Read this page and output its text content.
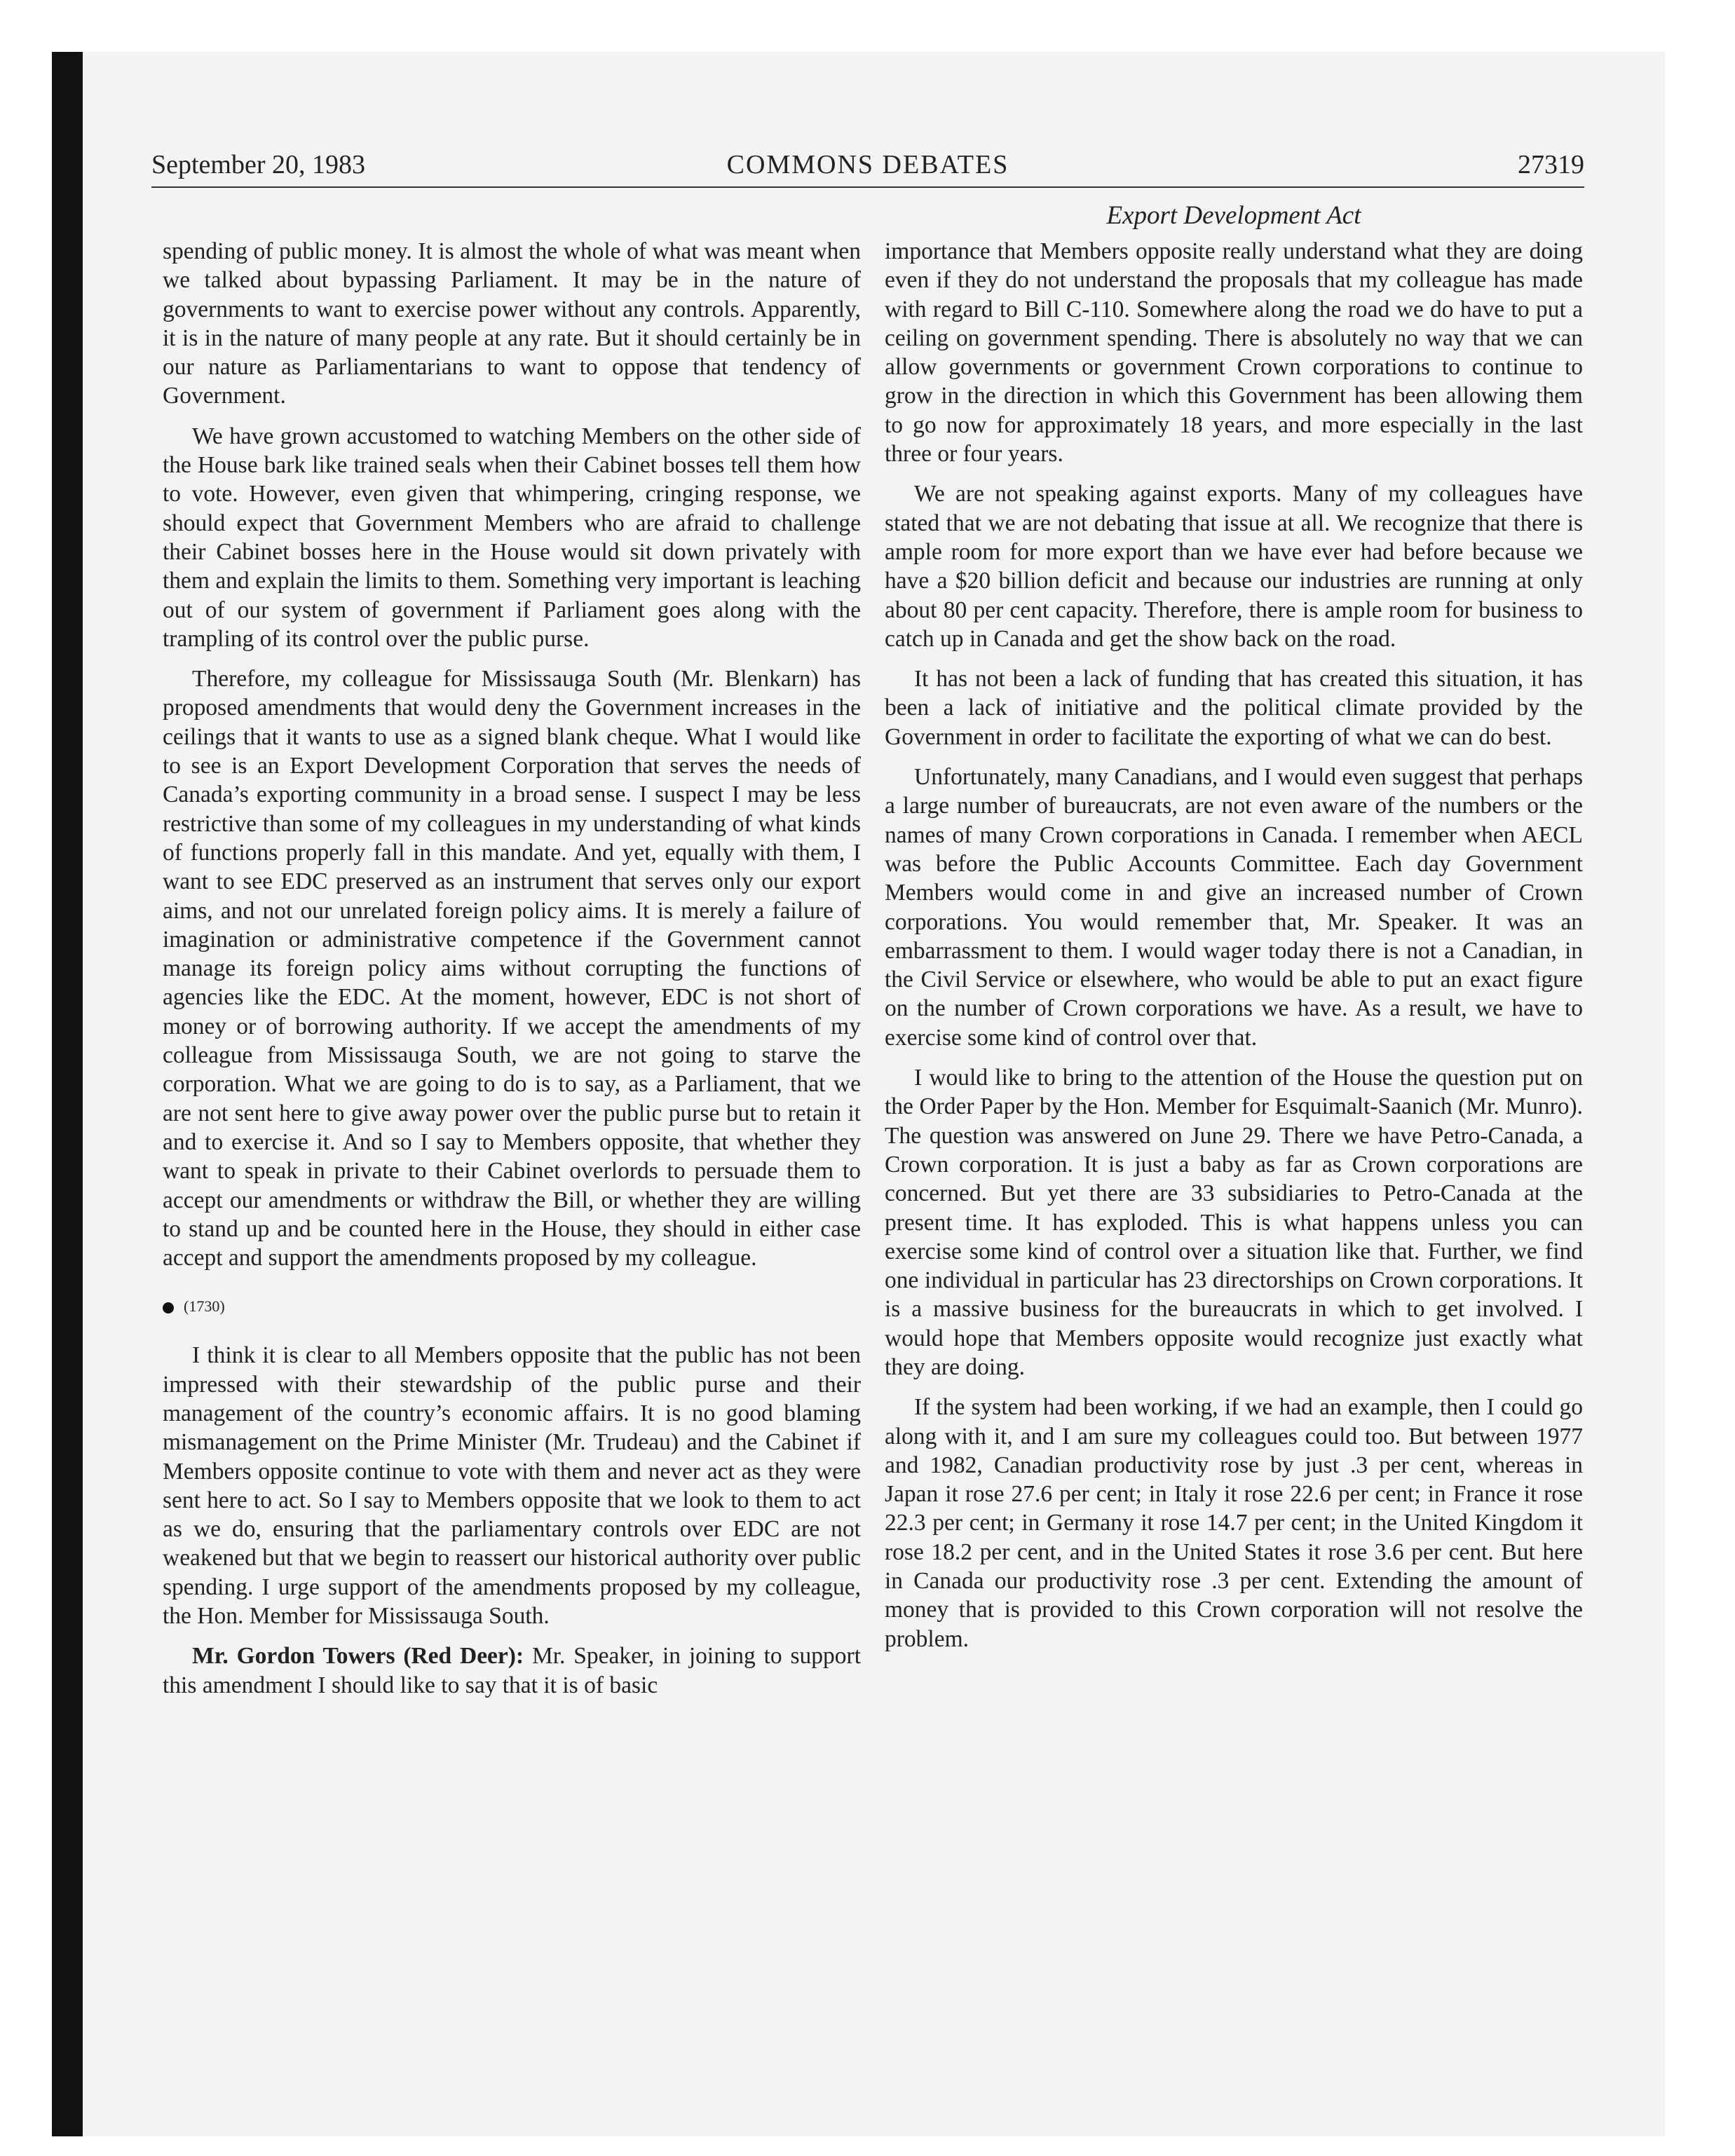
September 20, 1983	COMMONS DEBATES	27319
Export Development Act

spending of public money. It is almost the whole of what was meant when we talked about bypassing Parliament. It may be in the nature of governments to want to exercise power without any controls. Apparently, it is in the nature of many people at any rate. But it should certainly be in our nature as Parliamentarians to want to oppose that tendency of Government.

We have grown accustomed to watching Members on the other side of the House bark like trained seals when their Cabinet bosses tell them how to vote. However, even given that whimpering, cringing response, we should expect that Government Members who are afraid to challenge their Cabinet bosses here in the House would sit down privately with them and explain the limits to them. Something very important is leaching out of our system of government if Parliament goes along with the trampling of its control over the public purse.

Therefore, my colleague for Mississauga South (Mr. Blenkarn) has proposed amendments that would deny the Government increases in the ceilings that it wants to use as a signed blank cheque. What I would like to see is an Export Development Corporation that serves the needs of Canada’s exporting community in a broad sense. I suspect I may be less restrictive than some of my colleagues in my understanding of what kinds of functions properly fall in this mandate. And yet, equally with them, I want to see EDC preserved as an instrument that serves only our export aims, and not our unrelated foreign policy aims. It is merely a failure of imagination or administrative competence if the Government cannot manage its foreign policy aims without corrupting the functions of agencies like the EDC. At the moment, however, EDC is not short of money or of borrowing authority. If we accept the amendments of my colleague from Mississauga South, we are not going to starve the corporation. What we are going to do is to say, as a Parliament, that we are not sent here to give away power over the public purse but to retain it and to exercise it. And so I say to Members opposite, that whether they want to speak in private to their Cabinet overlords to persuade them to accept our amendments or withdraw the Bill, or whether they are willing to stand up and be counted here in the House, they should in either case accept and support the amendments proposed by my colleague.

(1730)

I think it is clear to all Members opposite that the public has not been impressed with their stewardship of the public purse and their management of the country’s economic affairs. It is no good blaming mismanagement on the Prime Minister (Mr. Trudeau) and the Cabinet if Members opposite continue to vote with them and never act as they were sent here to act. So I say to Members opposite that we look to them to act as we do, ensuring that the parliamentary controls over EDC are not weakened but that we begin to reassert our historical authority over public spending. I urge support of the amendments proposed by my colleague, the Hon. Member for Mississauga South.

Mr. Gordon Towers (Red Deer): Mr. Speaker, in joining to support this amendment I should like to say that it is of basic

importance that Members opposite really understand what they are doing even if they do not understand the proposals that my colleague has made with regard to Bill C-110. Somewhere along the road we do have to put a ceiling on government spending. There is absolutely no way that we can allow governments or government Crown corporations to continue to grow in the direction in which this Government has been allowing them to go now for approximately 18 years, and more especially in the last three or four years.

We are not speaking against exports. Many of my colleagues have stated that we are not debating that issue at all. We recognize that there is ample room for more export than we have ever had before because we have a $20 billion deficit and because our industries are running at only about 80 per cent capacity. Therefore, there is ample room for business to catch up in Canada and get the show back on the road.

It has not been a lack of funding that has created this situation, it has been a lack of initiative and the political climate provided by the Government in order to facilitate the exporting of what we can do best.

Unfortunately, many Canadians, and I would even suggest that perhaps a large number of bureaucrats, are not even aware of the numbers or the names of many Crown corporations in Canada. I remember when AECL was before the Public Accounts Committee. Each day Government Members would come in and give an increased number of Crown corporations. You would remember that, Mr. Speaker. It was an embarrassment to them. I would wager today there is not a Canadian, in the Civil Service or elsewhere, who would be able to put an exact figure on the number of Crown corporations we have. As a result, we have to exercise some kind of control over that.

I would like to bring to the attention of the House the question put on the Order Paper by the Hon. Member for Esquimalt-Saanich (Mr. Munro). The question was answered on June 29. There we have Petro-Canada, a Crown corporation. It is just a baby as far as Crown corporations are concerned. But yet there are 33 subsidiaries to Petro-Canada at the present time. It has exploded. This is what happens unless you can exercise some kind of control over a situation like that. Further, we find one individual in particular has 23 directorships on Crown corporations. It is a massive business for the bureaucrats in which to get involved. I would hope that Members opposite would recognize just exactly what they are doing.

If the system had been working, if we had an example, then I could go along with it, and I am sure my colleagues could too. But between 1977 and 1982, Canadian productivity rose by just .3 per cent, whereas in Japan it rose 27.6 per cent; in Italy it rose 22.6 per cent; in France it rose 22.3 per cent; in Germany it rose 14.7 per cent; in the United Kingdom it rose 18.2 per cent, and in the United States it rose 3.6 per cent. But here in Canada our productivity rose .3 per cent. Extending the amount of money that is provided to this Crown corporation will not resolve the problem.
